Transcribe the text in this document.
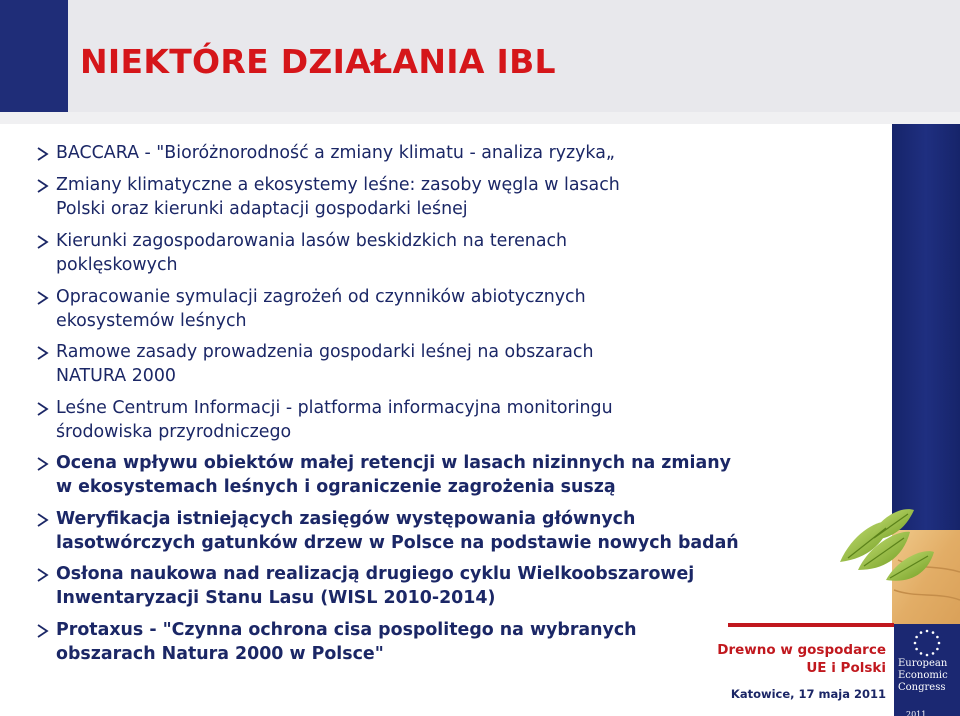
NIEKTÓRE DZIAŁANIA IBL
BACCARA - "Bioróżnorodność a zmiany klimatu - analiza ryzyka„
Zmiany klimatyczne a ekosystemy leśne: zasoby węgla w lasach
Polski oraz kierunki adaptacji gospodarki leśnej
Kierunki zagospodarowania lasów beskidzkich na terenach
poklęskowych
Opracowanie symulacji zagrożeń od czynników abiotycznych
ekosystemów leśnych
Ramowe zasady prowadzenia gospodarki leśnej na obszarach
NATURA 2000
Leśne Centrum Informacji - platforma informacyjna monitoringu
środowiska przyrodniczego
Ocena wpływu obiektów małej retencji w lasach nizinnych na zmiany
w ekosystemach leśnych i ograniczenie zagrożenia suszą
Weryfikacja istniejących zasięgów występowania głównych
lasotwórczych gatunków drzew w Polsce na podstawie nowych badań
Osłona naukowa nad realizacją drugiego cyklu Wielkoobszarowej
Inwentaryzacji Stanu Lasu (WISL 2010-2014)
Protaxus - "Czynna ochrona cisa pospolitego na wybranych
obszarach Natura 2000 w Polsce"	Drewno w gospodarce
UE i Polski
Katowice, 17 maja 2011
European
Economic
Congress
2011
